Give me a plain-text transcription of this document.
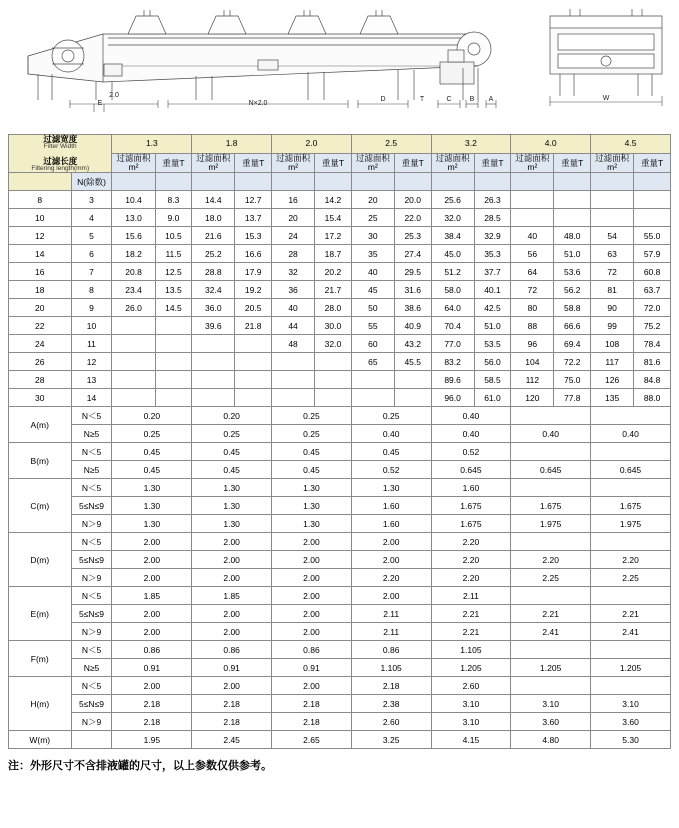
E
2.0
N×2.0
D	C	B A
T	W
过滤宽度
Filter Width
过滤长度
Filtering length(mm)		1.3		1.8		2.0		2.5		3.2		4.0		4.5	
		过滤面积m²	重量T	过滤面积m²	重量T	过滤面积m²	重量T	过滤面积m²	重量T	过滤面积m²	重量T	过滤面积m²	重量T	过滤面积m²	重量T
	N(除数)														
8	3	10.4	8.3	14.4	12.7	16	14.2	20	20.0	25.6	26.3				
10	4	13.0	9.0	18.0	13.7	20	15.4	25	22.0	32.0	28.5				
12	5	15.6	10.5	21.6	15.3	24	17.2	30	25.3	38.4	32.9	40	48.0	54	55.0
14	6	18.2	11.5	25.2	16.6	28	18.7	35	27.4	45.0	35.3	56	51.0	63	57.9
16	7	20.8	12.5	28.8	17.9	32	20.2	40	29.5	51.2	37.7	64	53.6	72	60.8
18	8	23.4	13.5	32.4	19.2	36	21.7	45	31.6	58.0	40.1	72	56.2	81	63.7
20	9	26.0	14.5	36.0	20.5	40	28.0	50	38.6	64.0	42.5	80	58.8	90	72.0
22	10			39.6	21.8	44	30.0	55	40.9	70.4	51.0	88	66.6	99	75.2
24	11					48	32.0	60	43.2	77.0	53.5	96	69.4	108	78.4
26	12							65	45.5	83.2	56.0	104	72.2	117	81.6
28	13									89.6	58.5	112	75.0	126	84.8
30	14									96.0	61.0	120	77.8	135	88.0
A(m)	N＜5	0.20		0.20		0.25		0.25		0.40					
	N≥5	0.25		0.25		0.25		0.40		0.40		0.40		0.40	
B(m)	N＜5	0.45		0.45		0.45		0.45		0.52					
	N≥5	0.45		0.45		0.45		0.52		0.645		0.645		0.645	
C(m)	N＜5	1.30		1.30		1.30		1.30		1.60					
	5≤N≤9	1.30		1.30		1.30		1.60		1.675		1.675		1.675	
	N＞9	1.30		1.30		1.30		1.60		1.675		1.975		1.975	
D(m)	N＜5	2.00		2.00		2.00		2.00		2.20					
	5≤N≤9	2.00		2.00		2.00		2.00		2.20		2.20		2.20	
	N＞9	2.00		2.00		2.00		2.20		2.20		2.25		2.25	
E(m)	N＜5	1.85		1.85		2.00		2.00		2.11					
	5≤N≤9	2.00		2.00		2.00		2.11		2.21		2.21		2.21	
	N＞9	2.00		2.00		2.00		2.11		2.21		2.41		2.41	
F(m)	N＜5	0.86		0.86		0.86		0.86		1.105					
	N≥5	0.91		0.91		0.91		1.105		1.205		1.205		1.205	
H(m)	N＜5	2.00		2.00		2.00		2.18		2.60					
	5≤N≤9	2.18		2.18		2.18		2.38		3.10		3.10		3.10	
	N＞9	2.18		2.18		2.18		2.60		3.10		3.60		3.60	
W(m)		1.95		2.45		2.65		3.25		4.15		4.80		5.30	

注：外形尺寸不含排液罐的尺寸，以上参数仅供参考。
